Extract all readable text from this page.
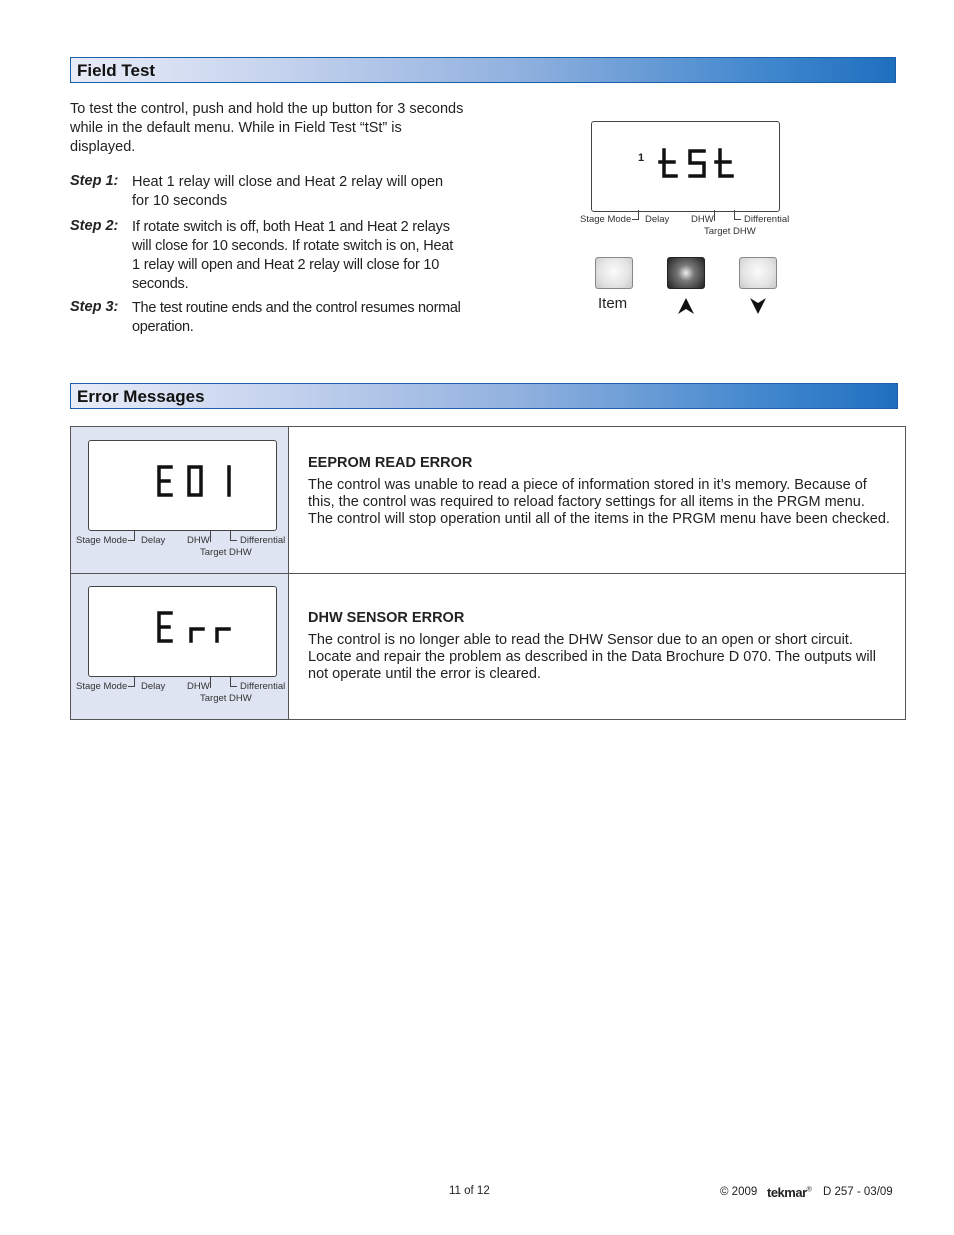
Field Test
To test the control, push and hold the up button for 3 seconds while in the default menu. While in Field Test “tSt” is displayed.
Step 1: Heat 1 relay will close and Heat 2 relay will open for 10 seconds
Step 2: If rotate switch is off, both Heat 1 and Heat 2 relays will close for 10 seconds. If rotate switch is on, Heat 1 relay will open and Heat 2 relay will close for 10 seconds.
Step 3: The test routine ends and the control resumes normal operation.
1
Stage Mode Delay DHW	Differential
Target DHW
Item
Error Messages
Stage Mode Delay DHW	Differential
Target DHW
EEPROM READ ERROR
The control was unable to read a piece of information stored in it’s memory. Because of this, the control was required to reload factory settings for all items in the PRGM menu. The control will stop operation until all of the items in the PRGM menu have been checked.
Stage Mode Delay DHW	Differential
Target DHW
DHW SENSOR ERROR
The control is no longer able to read the DHW Sensor due to an open or short circuit. Locate and repair the problem as described in the Data Brochure D 070. The outputs will not operate until the error is cleared.
11 of 12	© 2009 tekmar® D 257 - 03/09
